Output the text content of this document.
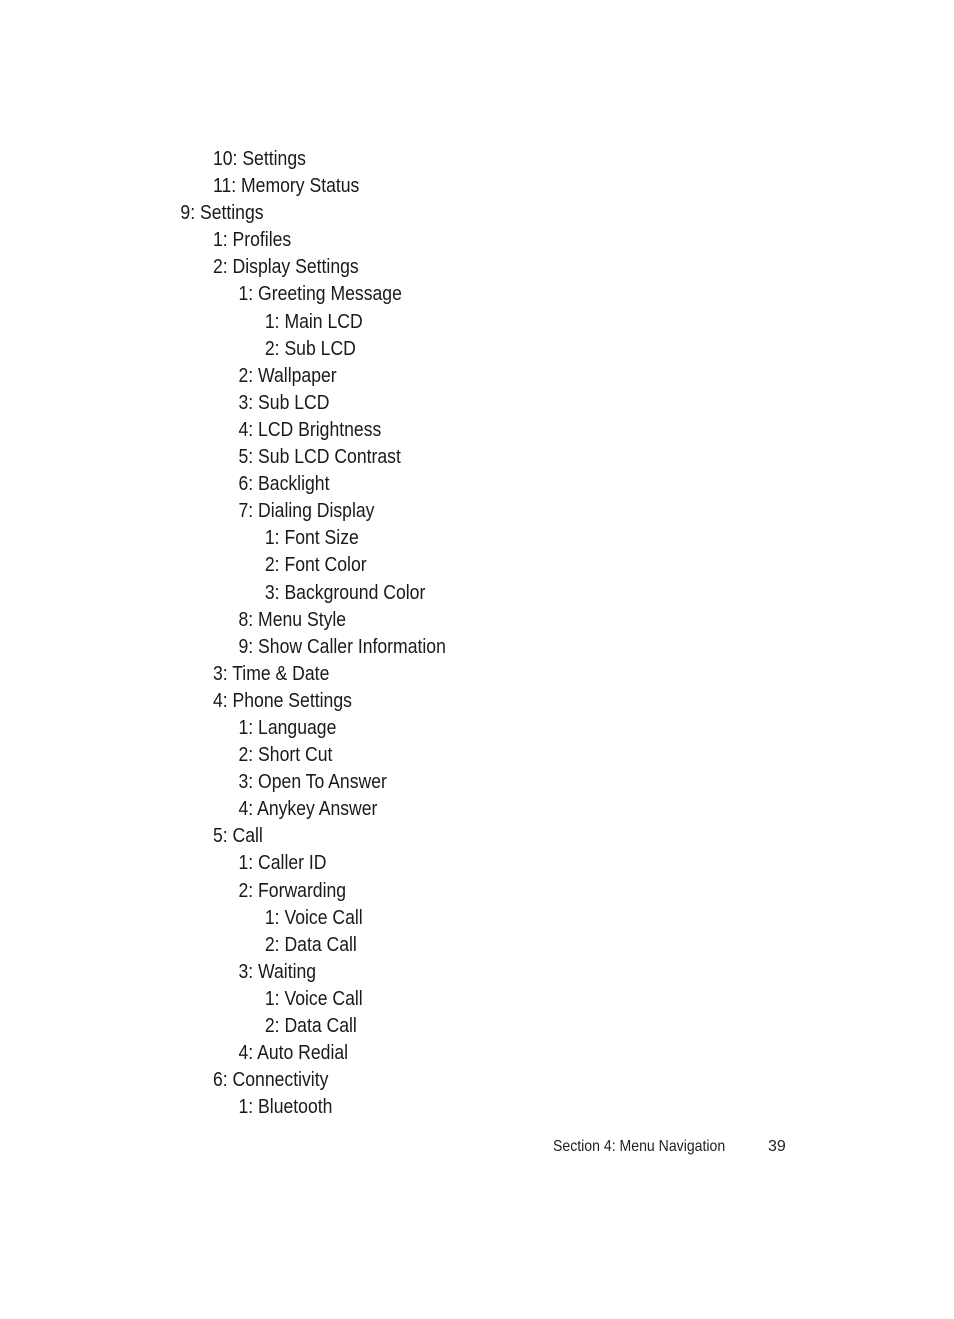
10: Settings
11: Memory Status
9: Settings
1: Profiles
2: Display Settings
1: Greeting Message
1: Main LCD
2: Sub LCD
2: Wallpaper
3: Sub LCD
4: LCD Brightness
5: Sub LCD Contrast
6: Backlight
7: Dialing Display
1: Font Size
2: Font Color
3: Background Color
8: Menu Style
9: Show Caller Information
3: Time & Date
4: Phone Settings
1: Language
2: Short Cut
3: Open To Answer
4: Anykey Answer
5: Call
1: Caller ID
2: Forwarding
1: Voice Call
2: Data Call
3: Waiting
1: Voice Call
2: Data Call
4: Auto Redial
6: Connectivity
1: Bluetooth
Section 4: Menu Navigation	39
